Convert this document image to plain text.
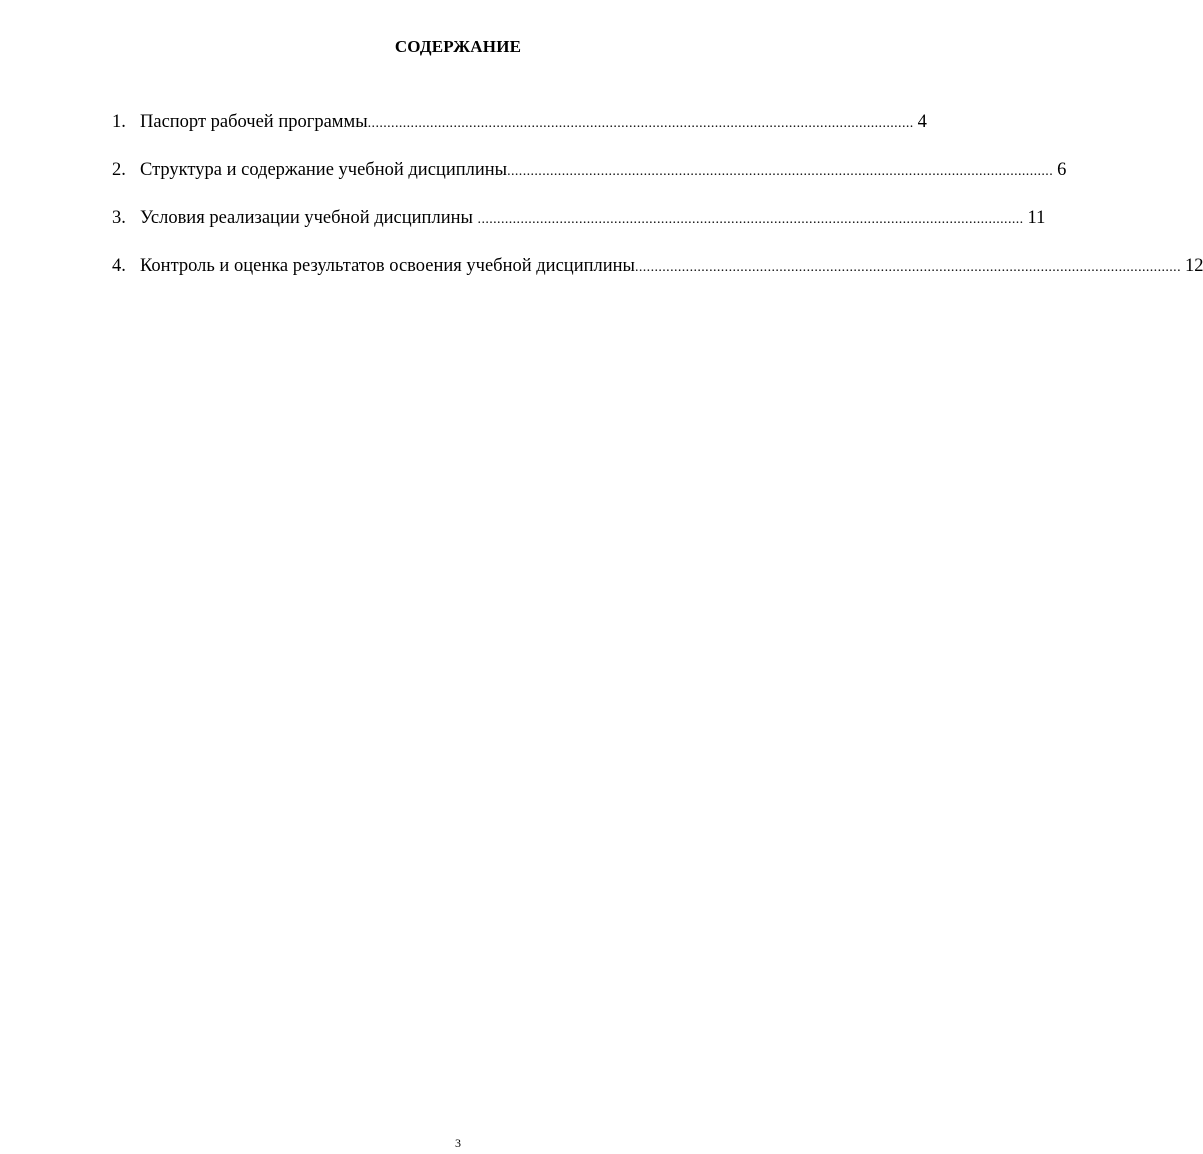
СОДЕРЖАНИЕ
1. Паспорт рабочей программы ............................................................................................................................................ 4
2. Структура и содержание учебной дисциплины ............................................................................................................................................ 6
3. Условия реализации учебной дисциплины ............................................................................................................................................ 11
4. Контроль и оценка результатов освоения учебной дисциплины ............................................................................................................................................ 12
3
